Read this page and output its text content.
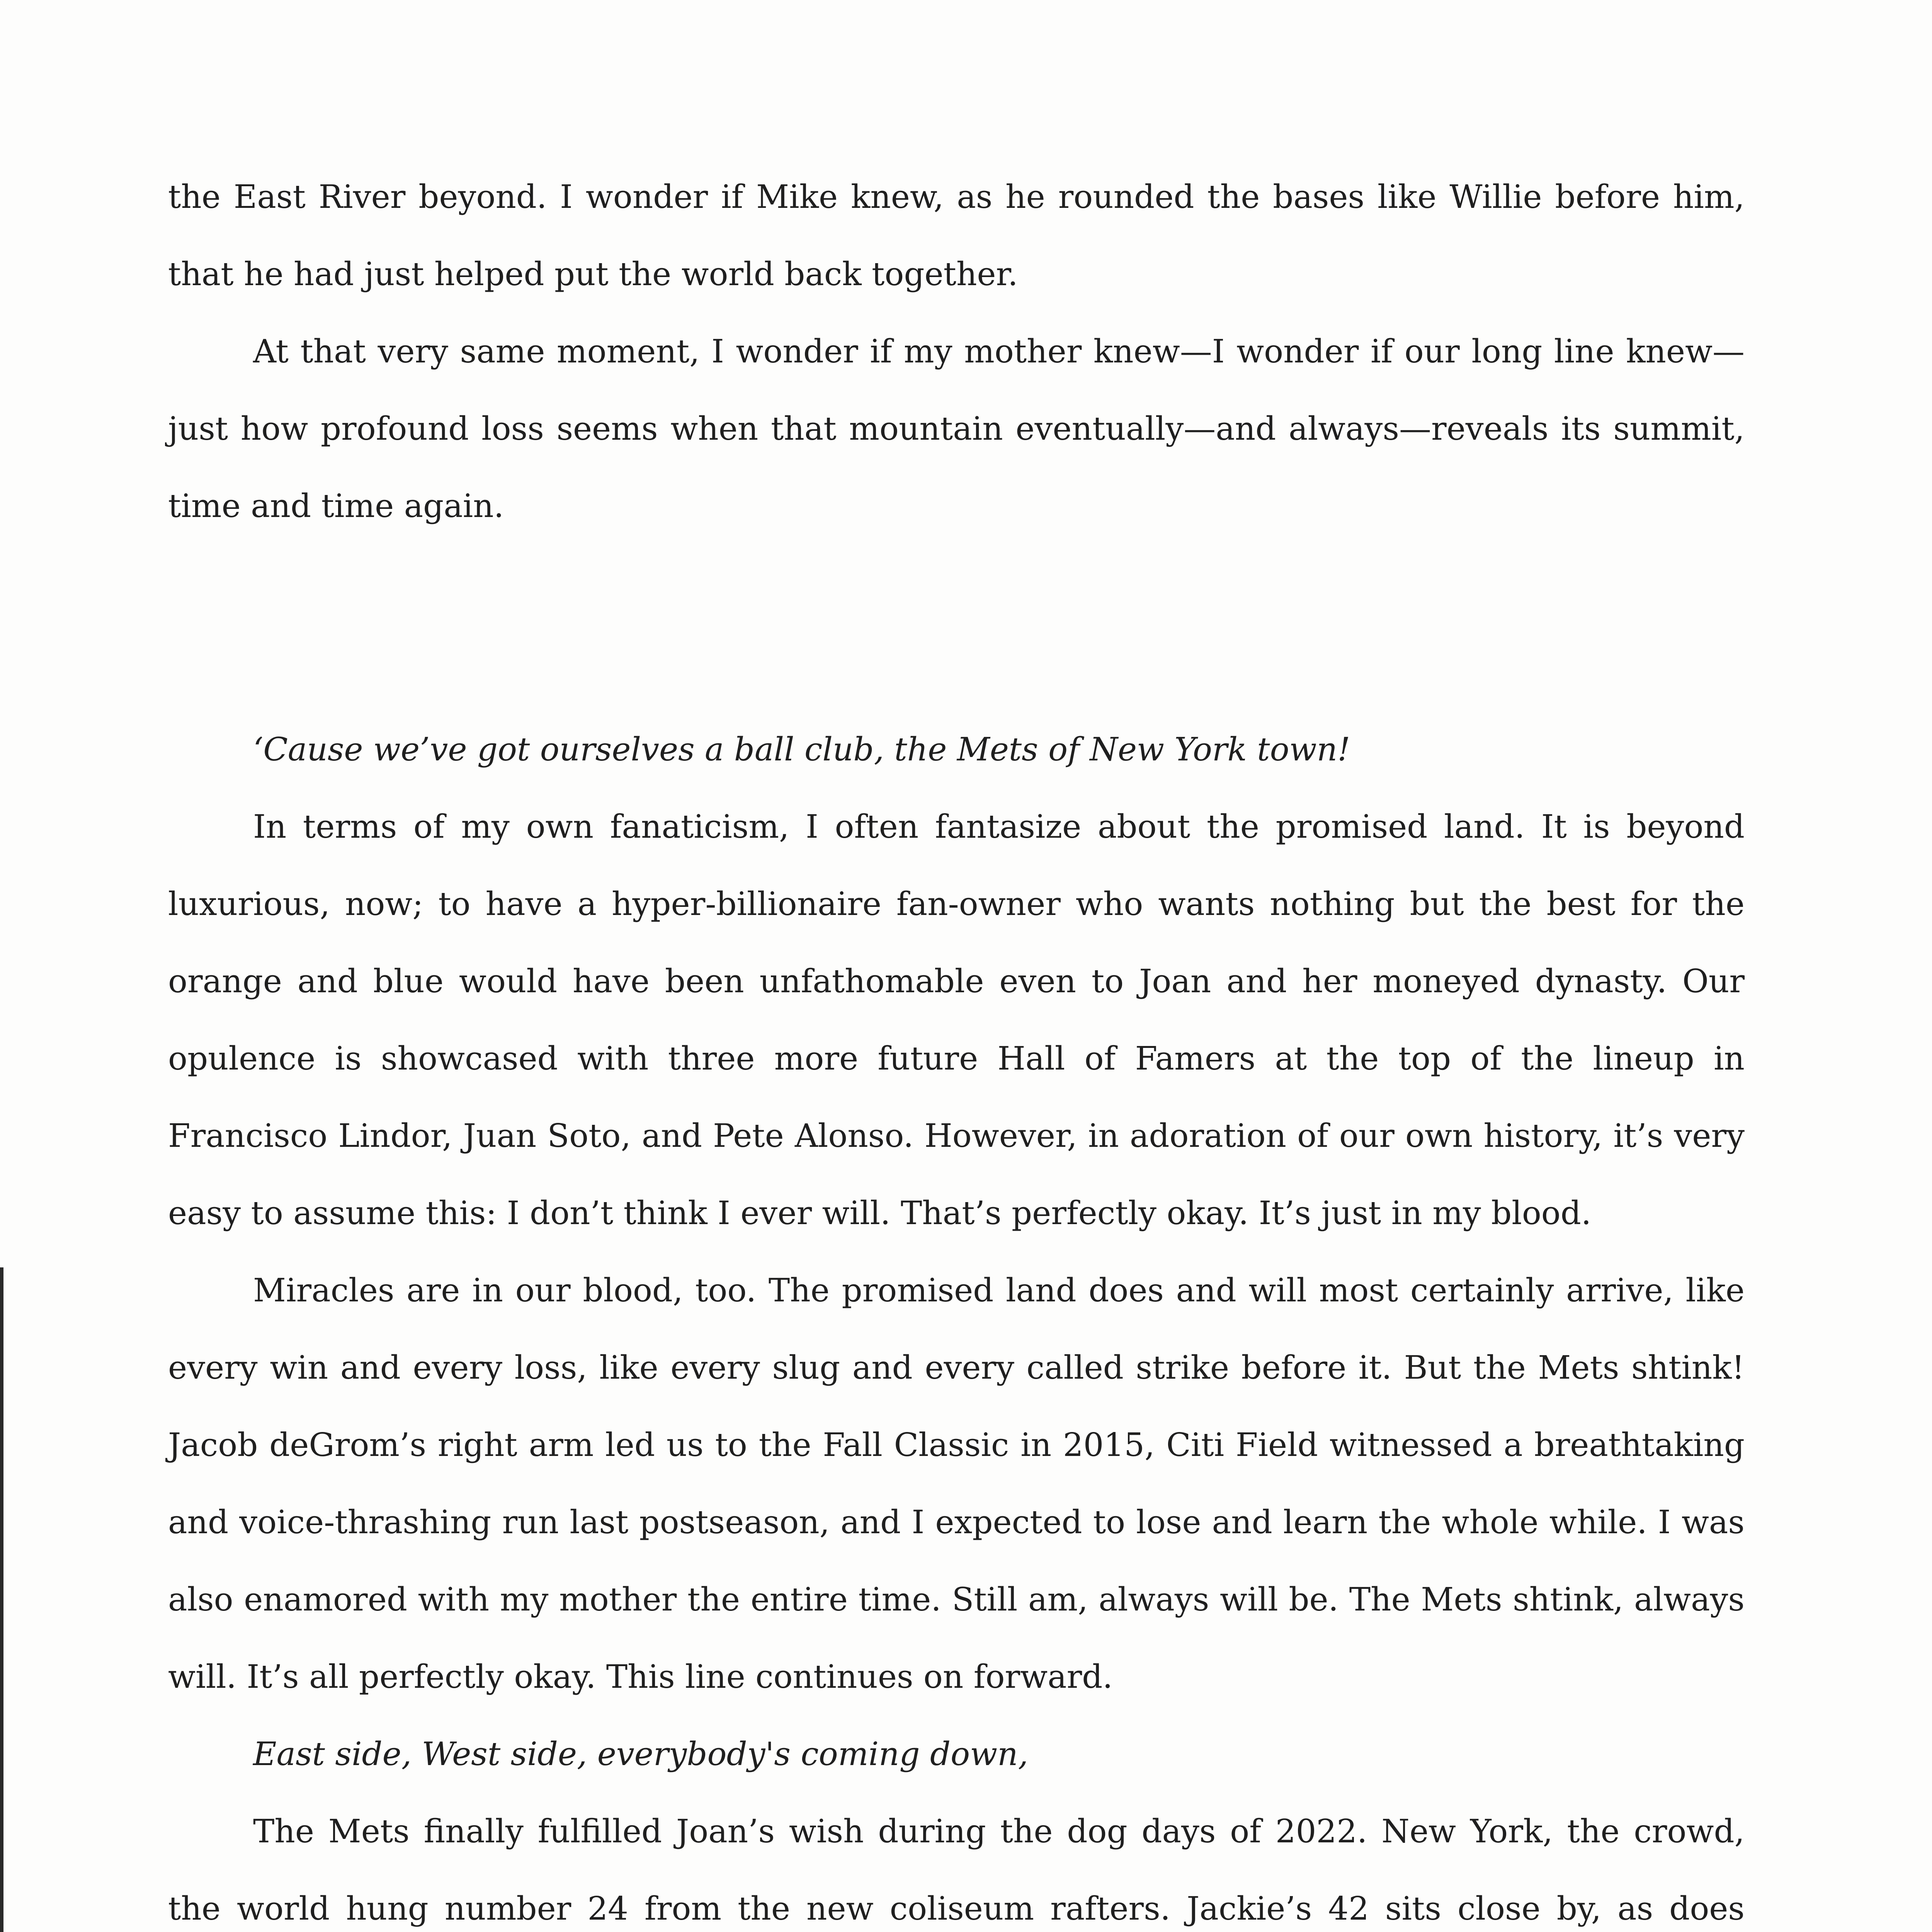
the East River beyond. I wonder if Mike knew, as he rounded the bases like Willie before him, that he had just helped put the world back together.

At that very same moment, I wonder if my mother knew—I wonder if our long line knew—just how profound loss seems when that mountain eventually—and always—reveals its summit, time and time again.

‘Cause we’ve got ourselves a ball club, the Mets of New York town!

In terms of my own fanaticism, I often fantasize about the promised land. It is beyond luxurious, now; to have a hyper-billionaire fan-owner who wants nothing but the best for the orange and blue would have been unfathomable even to Joan and her moneyed dynasty. Our opulence is showcased with three more future Hall of Famers at the top of the lineup in Francisco Lindor, Juan Soto, and Pete Alonso. However, in adoration of our own history, it’s very easy to assume this: I don’t think I ever will. That’s perfectly okay. It’s just in my blood.

Miracles are in our blood, too. The promised land does and will most certainly arrive, like every win and every loss, like every slug and every called strike before it. But the Mets shtink! Jacob deGrom’s right arm led us to the Fall Classic in 2015, Citi Field witnessed a breathtaking and voice-thrashing run last postseason, and I expected to lose and learn the whole while. I was also enamored with my mother the entire time. Still am, always will be. The Mets shtink, always will. It’s all perfectly okay. This line continues on forward.

East side, West side, everybody's coming down,

The Mets finally fulfilled Joan’s wish during the dog days of 2022. New York, the crowd, the world hung number 24 from the new coliseum rafters. Jackie’s 42 sits close by, as does
